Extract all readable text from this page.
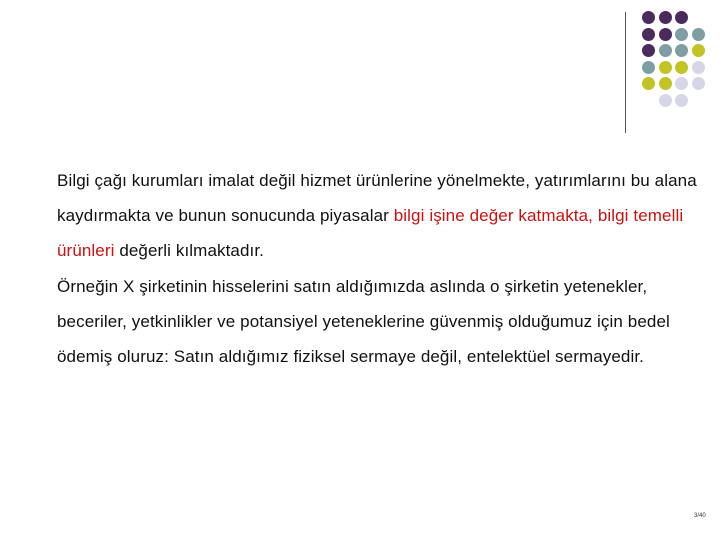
Bilgi çağı kurumları imalat değil hizmet ürünlerine yönelmekte, yatırımlarını bu alana kaydırmakta ve bunun sonucunda piyasalar bilgi işine değer katmakta, bilgi temelli ürünleri değerli kılmaktadır.

Örneğin X şirketinin hisselerini satın aldığımızda aslında o şirketin yetenekler, beceriler, yetkinlikler ve potansiyel yeteneklerine güvenmiş olduğumuz için bedel ödemiş oluruz: Satın aldığımız fiziksel sermaye değil, entelektüel sermayedir.

3/40
